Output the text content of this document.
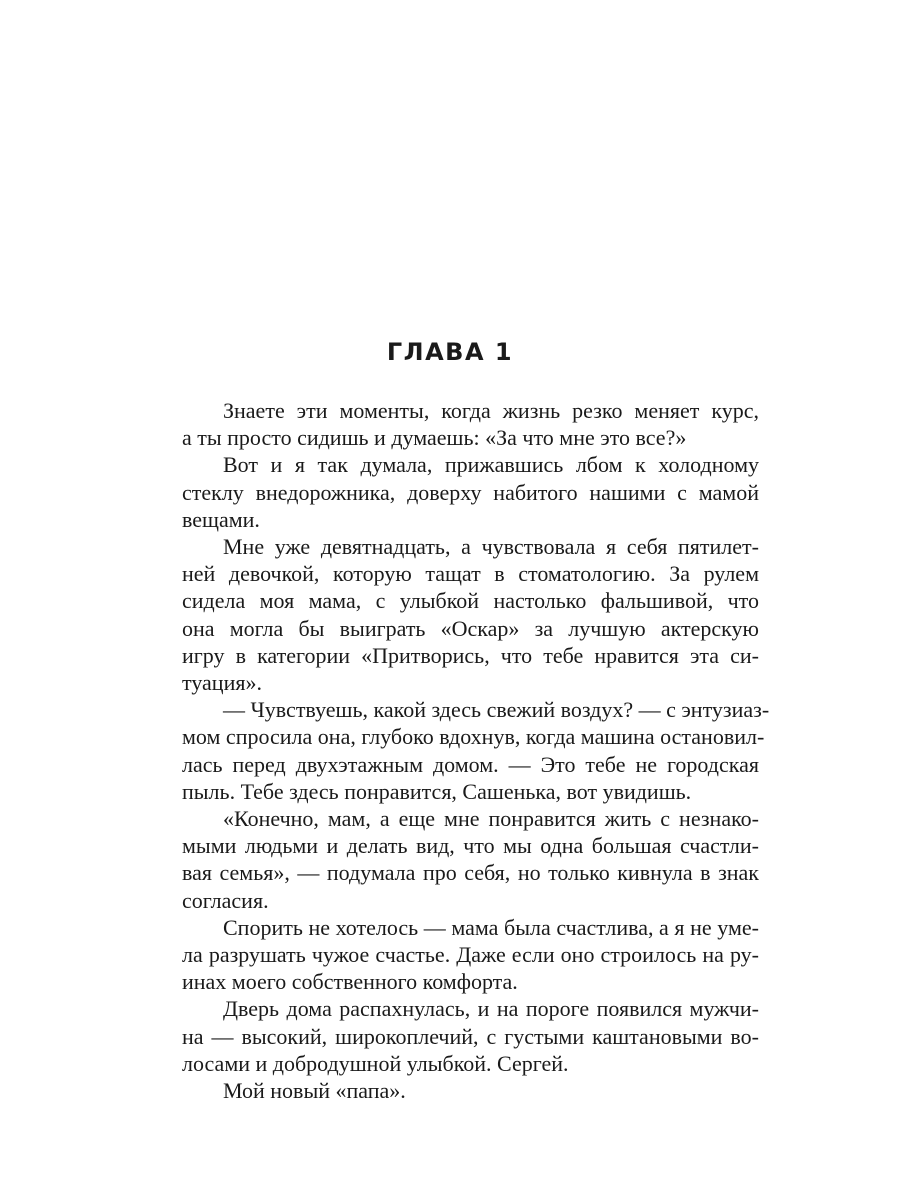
ГЛАВА 1
Знаете эти моменты, когда жизнь резко меняет курс,
а ты просто сидишь и думаешь: «За что мне это все?»
Вот и я так думала, прижавшись лбом к холодному
стеклу внедорожника, доверху набитого нашими с мамой
вещами.
Мне уже девятнадцать, а чувствовала я себя пятилет-
ней девочкой, которую тащат в стоматологию. За рулем
сидела моя мама, с улыбкой настолько фальшивой, что
она могла бы выиграть «Оскар» за лучшую актерскую
игру в категории «Притворись, что тебе нравится эта си-
туация».
— Чувствуешь, какой здесь свежий воздух? — с энтузиаз-
мом спросила она, глубоко вдохнув, когда машина остановил-
лась перед двухэтажным домом. — Это тебе не городская
пыль. Тебе здесь понравится, Сашенька, вот увидишь.
«Конечно, мам, а еще мне понравится жить с незнако-
мыми людьми и делать вид, что мы одна большая счастли-
вая семья», — подумала про себя, но только кивнула в знак
согласия.
Спорить не хотелось — мама была счастлива, а я не уме-
ла разрушать чужое счастье. Даже если оно строилось на ру-
инах моего собственного комфорта.
Дверь дома распахнулась, и на пороге появился мужчи-
на — высокий, широкоплечий, с густыми каштановыми во-
лосами и добродушной улыбкой. Сергей.
Мой новый «папа».
